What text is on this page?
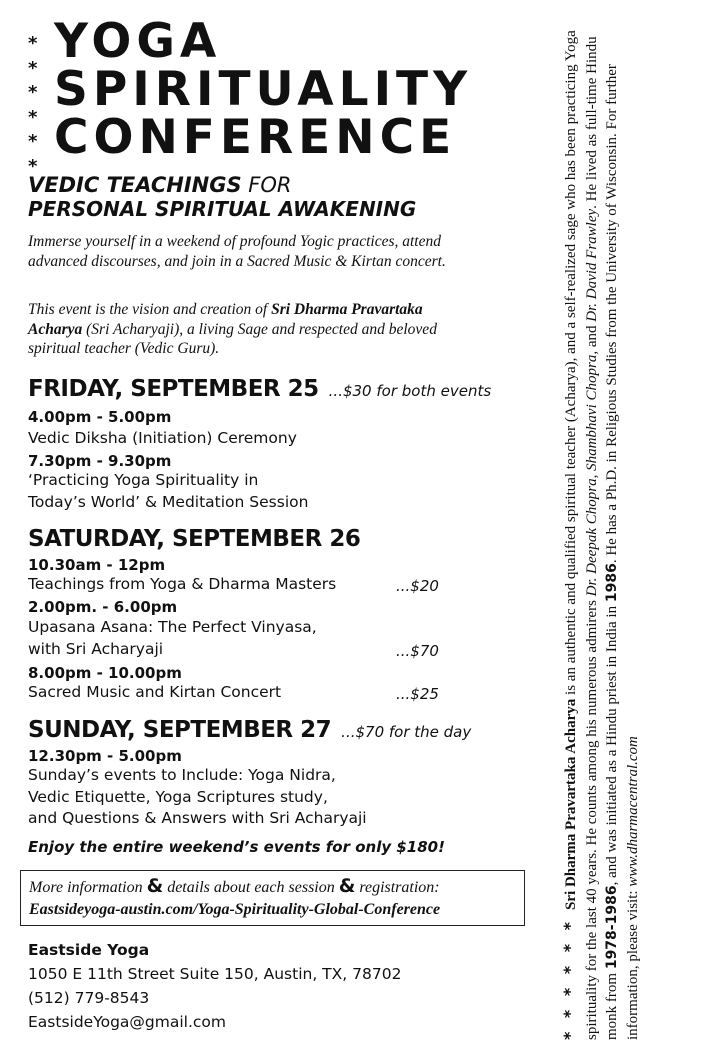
*
*
*
*
*
*
YOGA
SPIRITUALITY
CONFERENCE
VEDIC TEACHINGS FOR
PERSONAL SPIRITUAL AWAKENING
Immerse yourself in a weekend of profound Yogic practices, attend advanced discourses, and join in a Sacred Music & Kirtan concert.
This event is the vision and creation of Sri Dharma Pravartaka Acharya (Sri Acharyaji), a living Sage and respected and beloved spiritual teacher (Vedic Guru).
FRIDAY, SEPTEMBER 25 ...$30 for both events
4.00pm - 5.00pm
Vedic Diksha (Initiation) Ceremony
7.30pm - 9.30pm
‘Practicing Yoga Spirituality in
Today’s World’ & Meditation Session
SATURDAY, SEPTEMBER 26
10.30am - 12pm
Teachings from Yoga & Dharma Masters	...$20
2.00pm. - 6.00pm
Upasana Asana: The Perfect Vinyasa,
with Sri Acharyaji	...$70
8.00pm - 10.00pm
Sacred Music and Kirtan Concert	...$25
SUNDAY, SEPTEMBER 27 ...$70 for the day
12.30pm - 5.00pm
Sunday’s events to Include: Yoga Nidra,
Vedic Etiquette, Yoga Scriptures study,
and Questions & Answers with Sri Acharyaji
Enjoy the entire weekend’s events for only $180!
More information & details about each session & registration:
Eastsideyoga-austin.com/Yoga-Spirituality-Global-Conference
Eastside Yoga
1050 E 11th Street Suite 150, Austin, TX, 78702
(512) 779-8543
EastsideYoga@gmail.com	* * * * * *Sri Dharma Pravartaka Acharya is an authentic and qualified spiritual teacher (Acharya), and a self-realized sage who has been practicing Yoga spirituality for the last 40 years. He counts among his numerous admirers Dr. Deepak Chopra, Shambhavi Chopra, and Dr. David Frawley. He lived as full-time Hindu monk from 1978-1986, and was initiated as a Hindu priest in India in 1986. He has a Ph.D. in Religious Studies from the University of Wisconsin. For further information, please visit: www.dharmacentral.com
